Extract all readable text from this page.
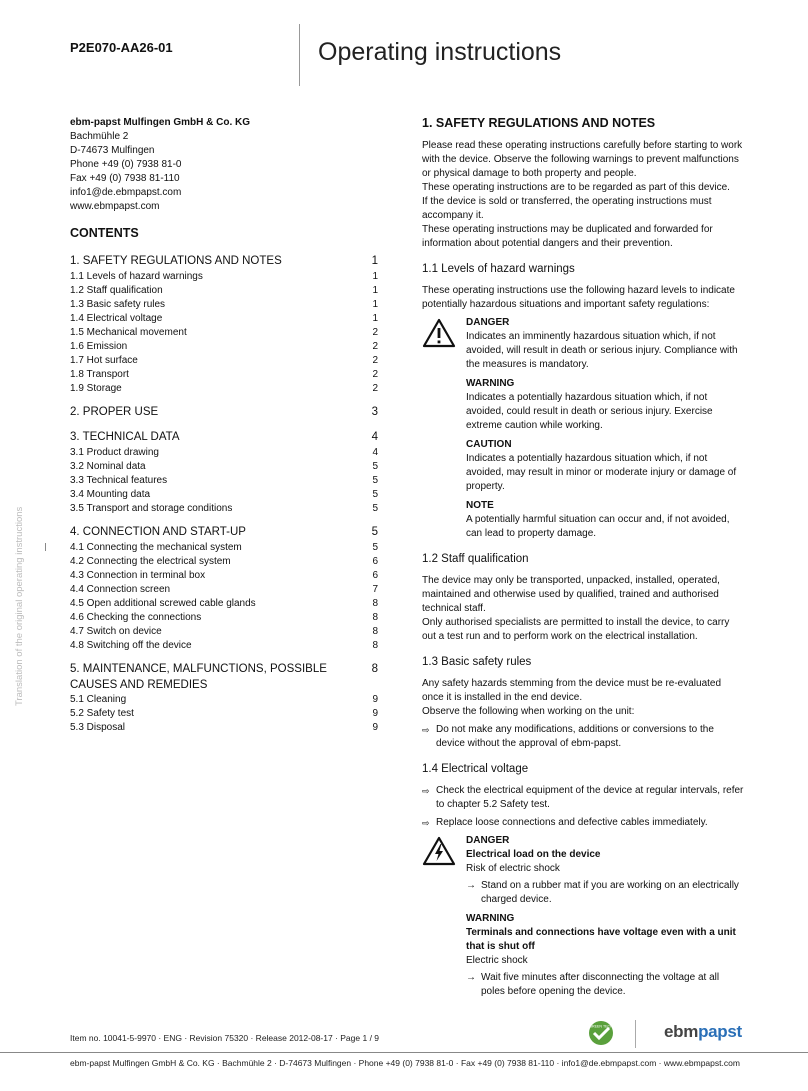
P2E070-AA26-01	Operating instructions
Translation of the original operating instructions
ebm-papst Mulfingen GmbH & Co. KG
Bachmühle 2
D-74673 Mulfingen
Phone +49 (0) 7938 81-0
Fax +49 (0) 7938 81-110
info1@de.ebmpapst.com
www.ebmpapst.com
CONTENTS
1. SAFETY REGULATIONS AND NOTES	1
1.1 Levels of hazard warnings	1
1.2 Staff qualification	1
1.3 Basic safety rules	1
1.4 Electrical voltage	1
1.5 Mechanical movement	2
1.6 Emission	2
1.7 Hot surface	2
1.8 Transport	2
1.9 Storage	2
2. PROPER USE	3
3. TECHNICAL DATA	4
3.1 Product drawing	4
3.2 Nominal data	5
3.3 Technical features	5
3.4 Mounting data	5
3.5 Transport and storage conditions	5
4. CONNECTION AND START-UP	5
4.1 Connecting the mechanical system	5
4.2 Connecting the electrical system	6
4.3 Connection in terminal box	6
4.4 Connection screen	7
4.5 Open additional screwed cable glands	8
4.6 Checking the connections	8
4.7 Switch on device	8
4.8 Switching off the device	8
5. MAINTENANCE, MALFUNCTIONS, POSSIBLE	8
CAUSES AND REMEDIES
5.1 Cleaning	9
5.2 Safety test	9
5.3 Disposal	9
1. SAFETY REGULATIONS AND NOTES

Please read these operating instructions carefully before starting to work with the device. Observe the following warnings to prevent malfunctions or physical damage to both property and people.

These operating instructions are to be regarded as part of this device.

If the device is sold or transferred, the operating instructions must accompany it.

These operating instructions may be duplicated and forwarded for information about potential dangers and their prevention.

1.1 Levels of hazard warnings

These operating instructions use the following hazard levels to indicate potentially hazardous situations and important safety regulations:

DANGER

Indicates an imminently hazardous situation which, if not avoided, will result in death or serious injury. Compliance with the measures is mandatory.

WARNING

Indicates a potentially hazardous situation which, if not avoided, could result in death or serious injury. Exercise extreme caution while working.

CAUTION

Indicates a potentially hazardous situation which, if not avoided, may result in minor or moderate injury or damage of property.

NOTE

A potentially harmful situation can occur and, if not avoided, can lead to property damage.

1.2 Staff qualification

The device may only be transported, unpacked, installed, operated, maintained and otherwise used by qualified, trained and authorised technical staff.

Only authorised specialists are permitted to install the device, to carry out a test run and to perform work on the electrical installation.

1.3 Basic safety rules

Any safety hazards stemming from the device must be re-evaluated once it is installed in the end device.

Observe the following when working on the unit:

⇨ Do not make any modifications, additions or conversions to the device without the approval of ebm-papst.
1.4 Electrical voltage
⇨ Check the electrical equipment of the device at regular intervals, refer to chapter 5.2 Safety test.
⇨ Replace loose connections and defective cables immediately.
DANGER
Electrical load on the device

Risk of electric shock

→ Stand on a rubber mat if you are working on an electrically charged device.
WARNING
Terminals and connections have voltage even with a unit that is shut off

Electric shock

→ Wait five minutes after disconnecting the voltage at all poles before opening the device.
Item no. 10041-5-9970 · ENG · Revision 75320 · Release 2012-08-17 · Page 1 / 9
GREEN TECH	ebmpapst
ebm-papst Mulfingen GmbH & Co. KG · Bachmühle 2 · D-74673 Mulfingen · Phone +49 (0) 7938 81-0 · Fax +49 (0) 7938 81-110 · info1@de.ebmpapst.com · www.ebmpapst.com
